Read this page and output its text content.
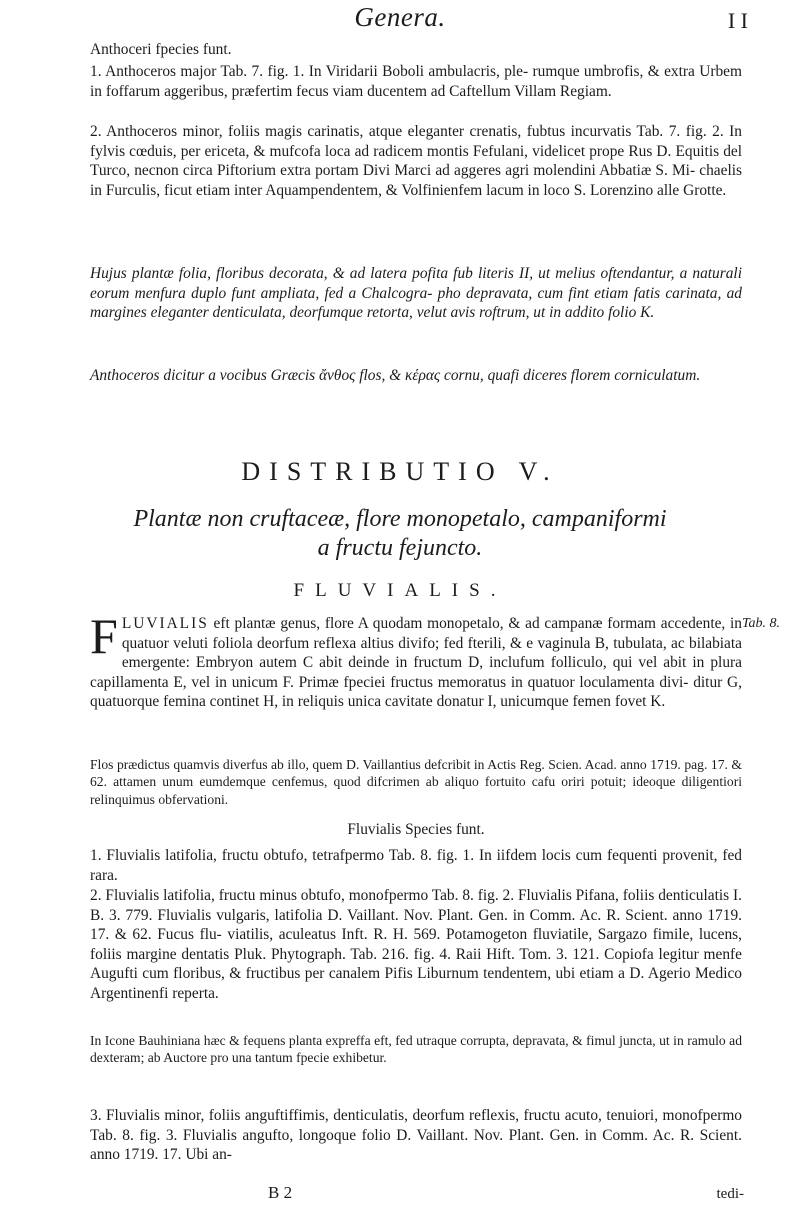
Genera.	I I

Anthoceri fpecies funt.

1. Anthoceros major Tab. 7. fig. 1. In Viridarii Boboli ambulacris, ple- rumque umbrofis, & extra Urbem in foffarum aggeribus, præfertim fecus viam ducentem ad Caftellum Villam Regiam.

2. Anthoceros minor, foliis magis carinatis, atque eleganter crenatis, fubtus incurvatis Tab. 7. fig. 2. In fylvis cœduis, per ericeta, & mufcofa loca ad radicem montis Fefulani, videlicet prope Rus D. Equitis del Turco, necnon circa Piftorium extra portam Divi Marci ad aggeres agri molendini Abbatiæ S. Mi- chaelis in Furculis, ficut etiam inter Aquampendentem, & Volfinienfem lacum in loco S. Lorenzino alle Grotte.

Hujus plantæ folia, floribus decorata, & ad latera pofita fub literis II, ut melius oftendantur, a naturali eorum menfura duplo funt ampliata, fed a Chalcogra- pho depravata, cum fint etiam fatis carinata, ad margines eleganter denticulata, deorfumque retorta, velut avis roftrum, ut in addito folio K.

Anthoceros dicitur a vocibus Græcis ἄνθος flos, & κέρας cornu, quafi diceres florem corniculatum.

DISTRIBUTIO V.
Plantæ non cruftaceæ, flore monopetalo, campaniformi
a fructu fejuncto.
FLUVIALIS.

FLUVIALIS eft plantæ genus, flore A quodam monopetalo, & ad campanæ formam accedente, in quatuor veluti foliola deorfum reflexa altius divifo; fed fterili, & e vaginula B, tubulata, ac bilabiata emergente: Embryon autem C abit deinde in fructum D, inclufum folliculo, qui vel abit in plura capillamenta E, vel in unicum F. Primæ fpeciei fructus memoratus in quatuor loculamenta divi- ditur G, quatuorque femina continet H, in reliquis unica cavitate donatur I, unicumque femen fovet K.

Tab. 8.

Flos prædictus quamvis diverfus ab illo, quem D. Vaillantius defcribit in Actis Reg. Scien. Acad. anno 1719. pag. 17. & 62. attamen unum eumdemque cenfemus, quod difcrimen ab aliquo fortuito cafu oriri potuit; ideoque diligentiori relinquimus obfervationi.

Fluvialis Species funt.

1. Fluvialis latifolia, fructu obtufo, tetrafpermo Tab. 8. fig. 1. In iifdem locis cum fequenti provenit, fed rara.

2. Fluvialis latifolia, fructu minus obtufo, monofpermo Tab. 8. fig. 2. Fluvialis Pifana, foliis denticulatis I. B. 3. 779. Fluvialis vulgaris, latifolia D. Vaillant. Nov. Plant. Gen. in Comm. Ac. R. Scient. anno 1719. 17. & 62. Fucus flu- viatilis, aculeatus Inft. R. H. 569. Potamogeton fluviatile, Sargazo fimile, lucens, foliis margine dentatis Pluk. Phytograph. Tab. 216. fig. 4. Raii Hift. Tom. 3. 121. Copiofa legitur menfe Augufti cum floribus, & fructibus per canalem Pifis Liburnum tendentem, ubi etiam a D. Agerio Medico Argentinenfi reperta.

In Icone Bauhiniana hæc & fequens planta expreffa eft, fed utraque corrupta, depravata, & fimul juncta, ut in ramulo ad dexteram; ab Auctore pro una tantum fpecie exhibetur.

3. Fluvialis minor, foliis anguftiffimis, denticulatis, deorfum reflexis, fructu acuto, tenuiori, monofpermo Tab. 8. fig. 3. Fluvialis angufto, longoque folio D. Vaillant. Nov. Plant. Gen. in Comm. Ac. R. Scient. anno 1719. 17. Ubi an-

B 2	tedi-
